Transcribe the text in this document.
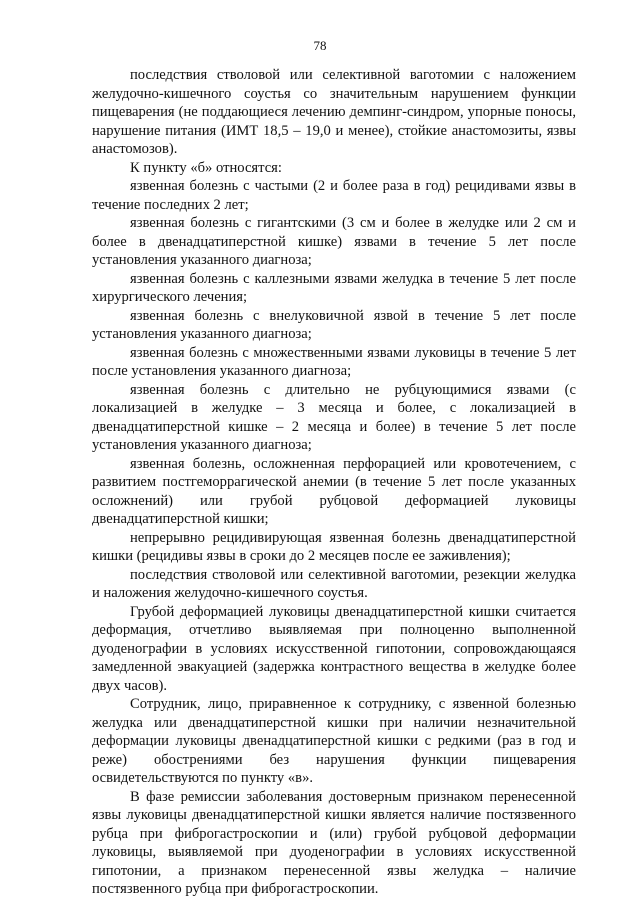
78

последствия стволовой или селективной ваготомии с наложением желудочно-кишечного соустья со значительным нарушением функции пищеварения (не поддающиеся лечению демпинг-синдром, упорные поносы, нарушение питания (ИМТ 18,5 – 19,0 и менее), стойкие анастомозиты, язвы анастомозов).

К пункту «б» относятся:

язвенная болезнь с частыми (2 и более раза в год) рецидивами язвы в течение последних 2 лет;

язвенная болезнь с гигантскими (3 см и более в желудке или 2 см и более в двенадцатиперстной кишке) язвами в течение 5 лет после установления указанного диагноза;

язвенная болезнь с каллезными язвами желудка в течение 5 лет после хирургического лечения;

язвенная болезнь с внелуковичной язвой в течение 5 лет после установления указанного диагноза;

язвенная болезнь с множественными язвами луковицы в течение 5 лет после установления указанного диагноза;

язвенная болезнь с длительно не рубцующимися язвами (с локализацией в желудке – 3 месяца и более, с локализацией в двенадцатиперстной кишке – 2 месяца и более) в течение 5 лет после установления указанного диагноза;

язвенная болезнь, осложненная перфорацией или кровотечением, с развитием постгеморрагической анемии (в течение 5 лет после указанных осложнений) или грубой рубцовой деформацией луковицы двенадцатиперстной кишки;

непрерывно рецидивирующая язвенная болезнь двенадцатиперстной кишки (рецидивы язвы в сроки до 2 месяцев после ее заживления);

последствия стволовой или селективной ваготомии, резекции желудка и наложения желудочно-кишечного соустья.

Грубой деформацией луковицы двенадцатиперстной кишки считается деформация, отчетливо выявляемая при полноценно выполненной дуоденографии в условиях искусственной гипотонии, сопровождающаяся замедленной эвакуацией (задержка контрастного вещества в желудке более двух часов).

Сотрудник, лицо, приравненное к сотруднику, с язвенной болезнью желудка или двенадцатиперстной кишки при наличии незначительной деформации луковицы двенадцатиперстной кишки с редкими (раз в год и реже) обострениями без нарушения функции пищеварения освидетельствуются по пункту «в».

В фазе ремиссии заболевания достоверным признаком перенесенной язвы луковицы двенадцатиперстной кишки является наличие постязвенного рубца при фиброгастроскопии и (или) грубой рубцовой деформации луковицы, выявляемой при дуоденографии в условиях искусственной гипотонии, а признаком перенесенной язвы желудка – наличие постязвенного рубца при фиброгастроскопии.
